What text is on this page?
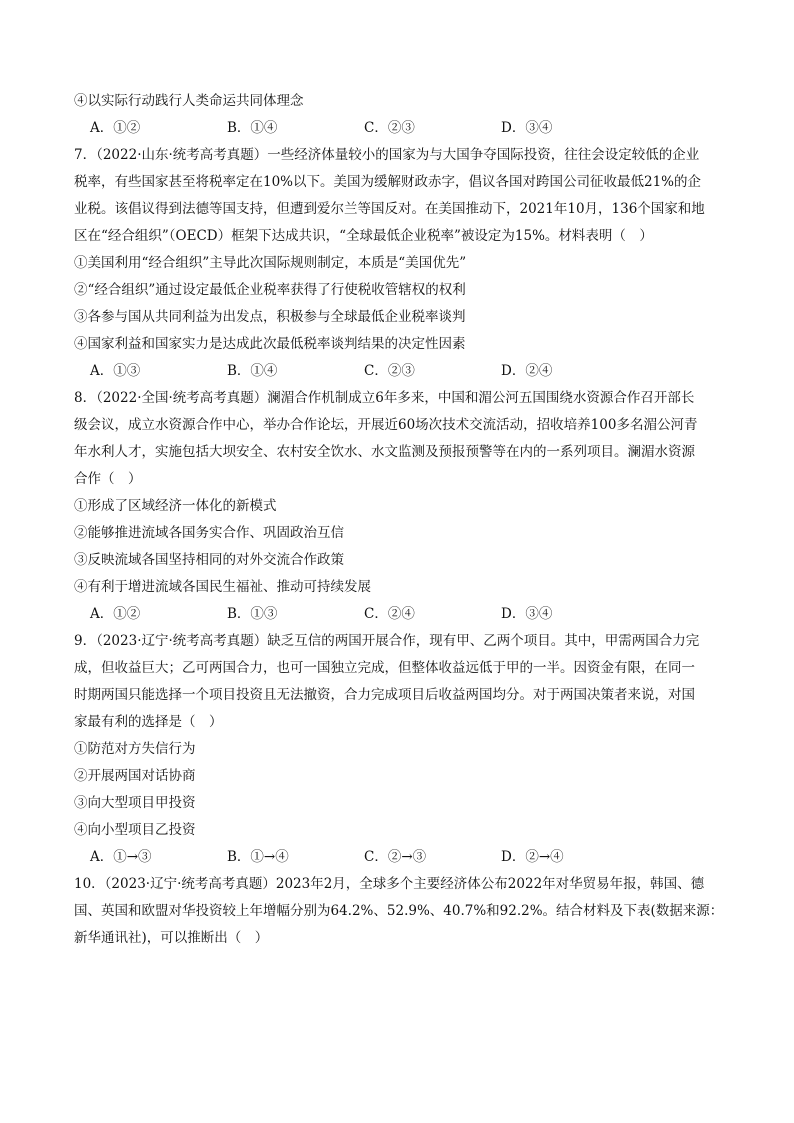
④以实际行动践行人类命运共同体理念
A．①②	B．①④	C．②③	D．③④
7．（2022·山东·统考高考真题）一些经济体量较小的国家为与大国争夺国际投资，往往会设定较低的企业
税率，有些国家甚至将税率定在10%以下。美国为缓解财政赤字，倡议各国对跨国公司征收最低21%的企
业税。该倡议得到法德等国支持，但遭到爱尔兰等国反对。在美国推动下，2021年10月，136个国家和地
区在“经合组织”（OECD）框架下达成共识，“全球最低企业税率”被设定为15%。材料表明（　）
①美国利用“经合组织”主导此次国际规则制定，本质是“美国优先”
②“经合组织”通过设定最低企业税率获得了行使税收管辖权的权利
③各参与国从共同利益为出发点，积极参与全球最低企业税率谈判
④国家利益和国家实力是达成此次最低税率谈判结果的决定性因素
A．①③	B．①④	C．②③	D．②④
8．（2022·全国·统考高考真题）澜湄合作机制成立6年多来，中国和湄公河五国围绕水资源合作召开部长
级会议，成立水资源合作中心，举办合作论坛，开展近60场次技术交流活动，招收培养100多名湄公河青
年水利人才，实施包括大坝安全、农村安全饮水、水文监测及预报预警等在内的一系列项目。澜湄水资源
合作（　）
①形成了区域经济一体化的新模式
②能够推进流域各国务实合作、巩固政治互信
③反映流域各国坚持相同的对外交流合作政策
④有利于增进流域各国民生福祉、推动可持续发展
A．①②	B．①③	C．②④	D．③④
9．（2023·辽宁·统考高考真题）缺乏互信的两国开展合作，现有甲、乙两个项目。其中，甲需两国合力完
成，但收益巨大；乙可两国合力，也可一国独立完成，但整体收益远低于甲的一半。因资金有限，在同一
时期两国只能选择一个项目投资且无法撤资，合力完成项目后收益两国均分。对于两国决策者来说，对国
家最有利的选择是（　）
①防范对方失信行为
②开展两国对话协商
③向大型项目甲投资
④向小型项目乙投资
A．①→③	B．①→④	C．②→③	D．②→④
10．（2023·辽宁·统考高考真题）2023年2月，全球多个主要经济体公布2022年对华贸易年报，韩国、德
国、英国和欧盟对华投资较上年增幅分别为64.2%、52.9%、40.7%和92.2%。结合材料及下表(数据来源：
新华通讯社)，可以推断出（　）
